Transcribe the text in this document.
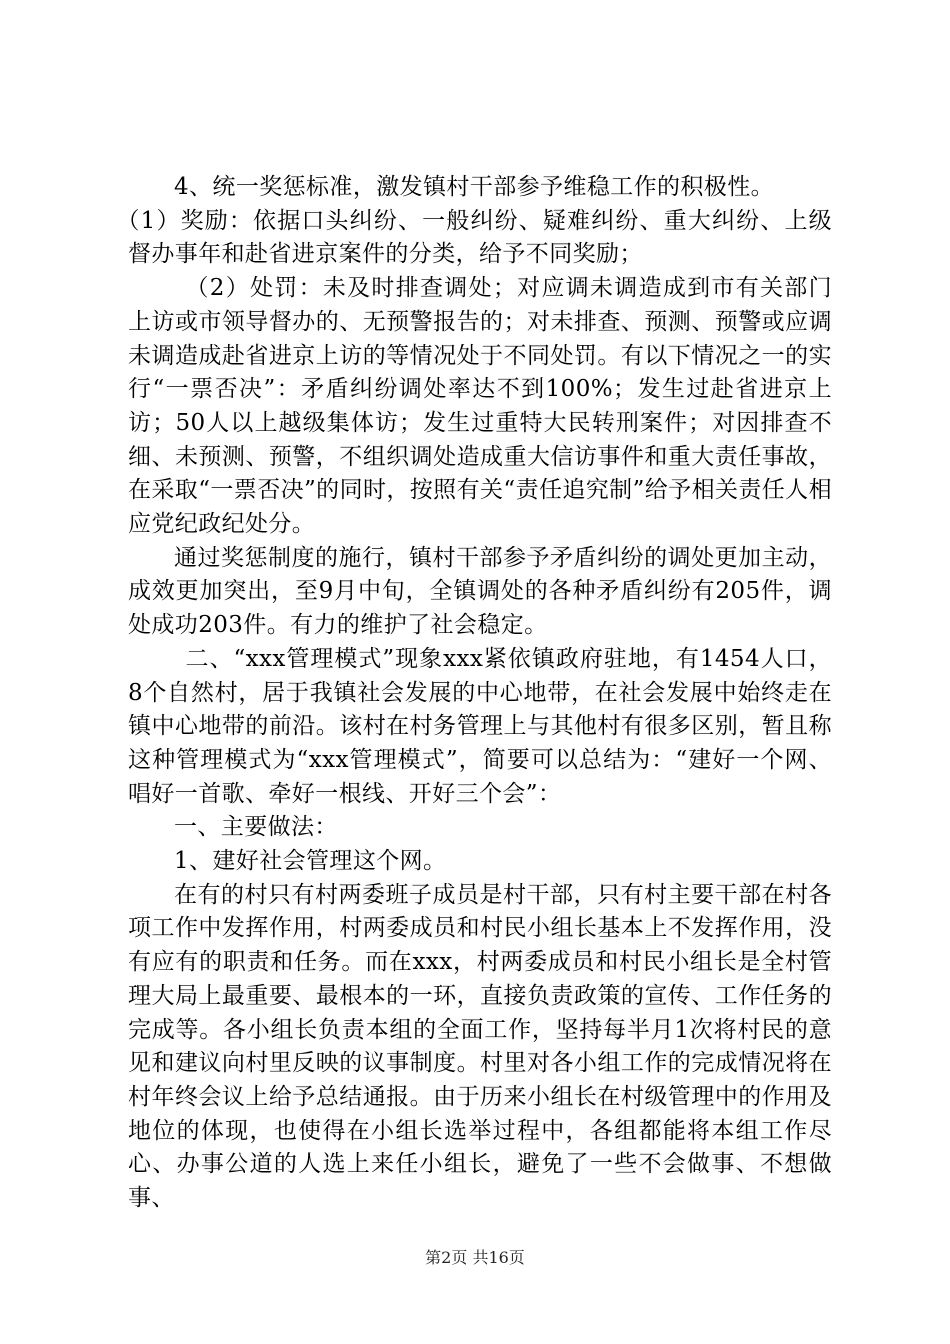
4、统一奖惩标准，激发镇村干部参予维稳工作的积极性。

（1）奖励：依据口头纠纷、一般纠纷、疑难纠纷、重大纠纷、上级督办事年和赴省进京案件的分类，给予不同奖励；

（2）处罚：未及时排查调处；对应调未调造成到市有关部门上访或市领导督办的、无预警报告的；对未排查、预测、预警或应调未调造成赴省进京上访的等情况处于不同处罚。有以下情况之一的实行“一票否决”：矛盾纠纷调处率达不到100%；发生过赴省进京上访；50人以上越级集体访；发生过重特大民转刑案件；对因排查不细、未预测、预警，不组织调处造成重大信访事件和重大责任事故，在采取“一票否决”的同时，按照有关“责任追究制”给予相关责任人相应党纪政纪处分。

通过奖惩制度的施行，镇村干部参予矛盾纠纷的调处更加主动，成效更加突出，至9月中旬，全镇调处的各种矛盾纠纷有205件，调处成功203件。有力的维护了社会稳定。

二、“xxx管理模式”现象xxx紧依镇政府驻地，有1454人口，8个自然村，居于我镇社会发展的中心地带，在社会发展中始终走在镇中心地带的前沿。该村在村务管理上与其他村有很多区别，暂且称这种管理模式为“xxx管理模式”，简要可以总结为：“建好一个网、唱好一首歌、牵好一根线、开好三个会”：

一、主要做法：

1、建好社会管理这个网。

在有的村只有村两委班子成员是村干部，只有村主要干部在村各项工作中发挥作用，村两委成员和村民小组长基本上不发挥作用，没有应有的职责和任务。而在xxx，村两委成员和村民小组长是全村管理大局上最重要、最根本的一环，直接负责政策的宣传、工作任务的完成等。各小组长负责本组的全面工作，坚持每半月1次将村民的意见和建议向村里反映的议事制度。村里对各小组工作的完成情况将在村年终会议上给予总结通报。由于历来小组长在村级管理中的作用及地位的体现，也使得在小组长选举过程中，各组都能将本组工作尽心、办事公道的人选上来任小组长，避免了一些不会做事、不想做事、

第2页 共16页
